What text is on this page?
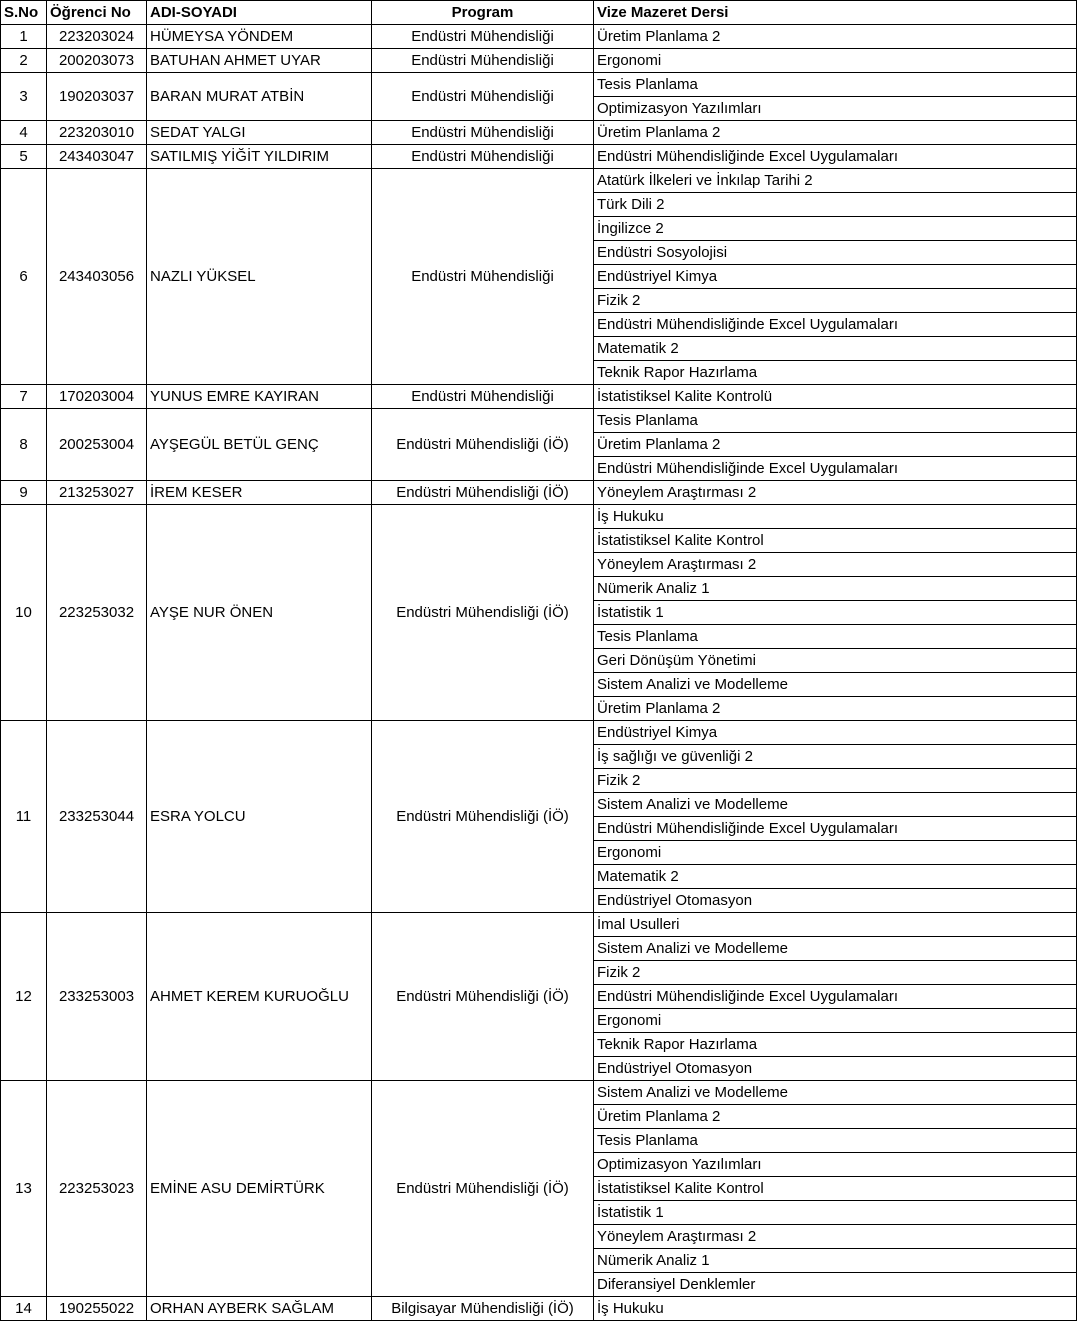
S.No	Öğrenci No	ADI-SOYADI	Program	Vize Mazeret Dersi
1	223203024	HÜMEYSA YÖNDEM	Endüstri Mühendisliği	Üretim Planlama 2
2	200203073	BATUHAN AHMET UYAR	Endüstri Mühendisliği	Ergonomi
3	190203037	BARAN MURAT ATBİN	Endüstri Mühendisliği	Tesis Planlama
				Optimizasyon Yazılımları
4	223203010	SEDAT YALGI	Endüstri Mühendisliği	Üretim Planlama 2
5	243403047	SATILMIŞ YİĞİT YILDIRIM	Endüstri Mühendisliği	Endüstri Mühendisliğinde Excel Uygulamaları
6	243403056	NAZLI YÜKSEL	Endüstri Mühendisliği	Atatürk İlkeleri ve İnkılap Tarihi 2
				Türk Dili 2
				İngilizce 2
				Endüstri Sosyolojisi
				Endüstriyel Kimya
				Fizik 2
				Endüstri Mühendisliğinde Excel Uygulamaları
				Matematik 2
				Teknik Rapor Hazırlama
7	170203004	YUNUS EMRE KAYIRAN	Endüstri Mühendisliği	İstatistiksel Kalite Kontrolü
8	200253004	AYŞEGÜL BETÜL GENÇ	Endüstri Mühendisliği (İÖ)	Tesis Planlama
				Üretim Planlama 2
				Endüstri Mühendisliğinde Excel Uygulamaları
9	213253027	İREM KESER	Endüstri Mühendisliği (İÖ)	Yöneylem Araştırması 2
10	223253032	AYŞE NUR ÖNEN	Endüstri Mühendisliği (İÖ)	İş Hukuku
				İstatistiksel Kalite Kontrol
				Yöneylem Araştırması 2
				Nümerik Analiz 1
				İstatistik 1
				Tesis Planlama
				Geri Dönüşüm Yönetimi
				Sistem Analizi ve Modelleme
				Üretim Planlama 2
11	233253044	ESRA YOLCU	Endüstri Mühendisliği (İÖ)	Endüstriyel Kimya
				İş sağlığı ve güvenliği 2
				Fizik 2
				Sistem Analizi ve Modelleme
				Endüstri Mühendisliğinde Excel Uygulamaları
				Ergonomi
				Matematik 2
				Endüstriyel Otomasyon
12	233253003	AHMET KEREM KURUOĞLU	Endüstri Mühendisliği (İÖ)	İmal Usulleri
				Sistem Analizi ve Modelleme
				Fizik 2
				Endüstri Mühendisliğinde Excel Uygulamaları
				Ergonomi
				Teknik Rapor Hazırlama
				Endüstriyel Otomasyon
13	223253023	EMİNE ASU DEMİRTÜRK	Endüstri Mühendisliği (İÖ)	Sistem Analizi ve Modelleme
				Üretim Planlama 2
				Tesis Planlama
				Optimizasyon Yazılımları
				İstatistiksel Kalite Kontrol
				İstatistik 1
				Yöneylem Araştırması 2
				Nümerik Analiz 1
				Diferansiyel Denklemler
14	190255022	ORHAN AYBERK SAĞLAM	Bilgisayar Mühendisliği (İÖ)	İş Hukuku
